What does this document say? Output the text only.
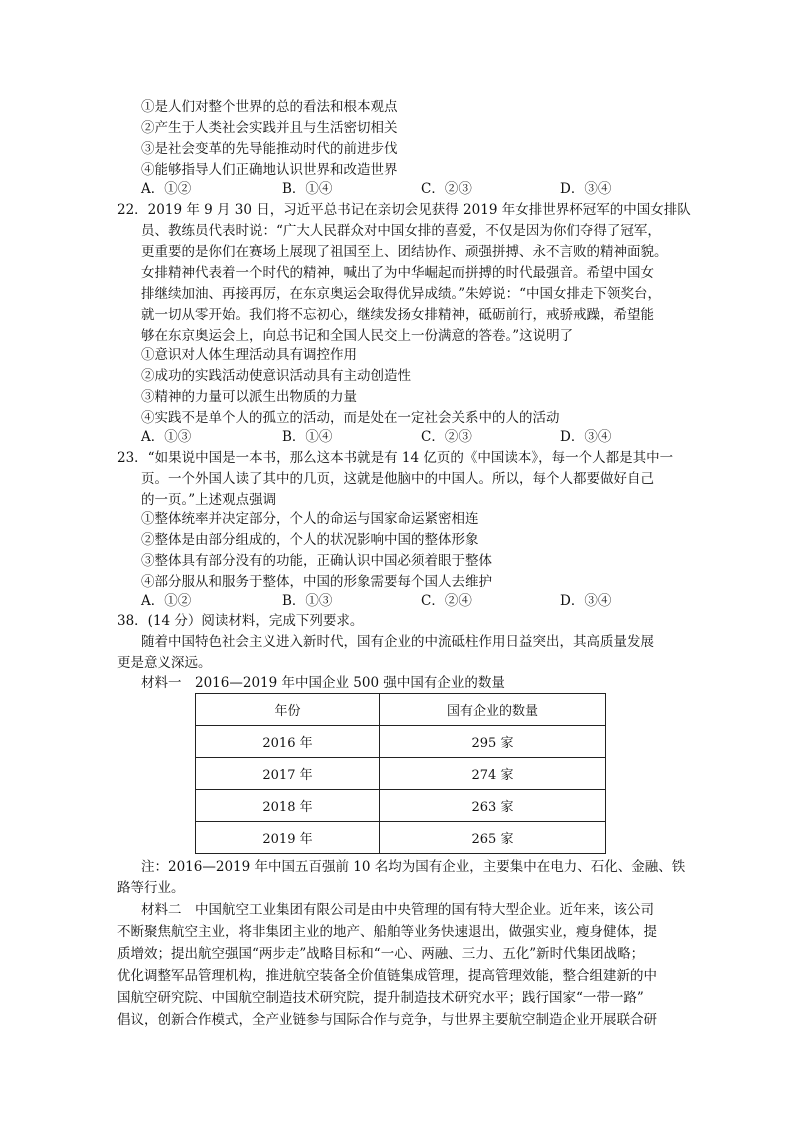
①是人们对整个世界的总的看法和根本观点
②产生于人类社会实践并且与生活密切相关
③是社会变革的先导能推动时代的前进步伐
④能够指导人们正确地认识世界和改造世界
A．①②	B．①④	C．②③	D．③④
22．2019 年 9 月 30 日，习近平总书记在亲切会见获得 2019 年女排世界杯冠军的中国女排队
员、教练员代表时说：“广大人民群众对中国女排的喜爱，不仅是因为你们夺得了冠军，
更重要的是你们在赛场上展现了祖国至上、团结协作、顽强拼搏、永不言败的精神面貌。
女排精神代表着一个时代的精神，喊出了为中华崛起而拼搏的时代最强音。希望中国女
排继续加油、再接再厉，在东京奥运会取得优异成绩。”朱婷说：“中国女排走下领奖台，
就一切从零开始。我们将不忘初心，继续发扬女排精神，砥砺前行，戒骄戒躁，希望能
够在东京奥运会上，向总书记和全国人民交上一份满意的答卷。”这说明了
①意识对人体生理活动具有调控作用
②成功的实践活动使意识活动具有主动创造性
③精神的力量可以派生出物质的力量
④实践不是单个人的孤立的活动，而是处在一定社会关系中的人的活动
A．①③	B．①④	C．②③	D．③④
23．“如果说中国是一本书，那么这本书就是有 14 亿页的《中国读本》，每一个人都是其中一
页。一个外国人读了其中的几页，这就是他脑中的中国人。所以，每个人都要做好自己
的一页。”上述观点强调
①整体统率并决定部分，个人的命运与国家命运紧密相连
②整体是由部分组成的，个人的状况影响中国的整体形象
③整体具有部分没有的功能，正确认识中国必须着眼于整体
④部分服从和服务于整体，中国的形象需要每个国人去维护
A．①②	B．①③	C．②④	D．③④
38．(14 分）阅读材料，完成下列要求。
随着中国特色社会主义进入新时代，国有企业的中流砥柱作用日益突出，其高质量发展
更是意义深远。
材料一　2016—2019 年中国企业 500 强中国有企业的数量
年份	国有企业的数量
2016 年	295 家
2017 年	274 家
2018 年	263 家
2019 年	265 家
注：2016—2019 年中国五百强前 10 名均为国有企业，主要集中在电力、石化、金融、铁
路等行业。
材料二　中国航空工业集团有限公司是由中央管理的国有特大型企业。近年来，该公司
不断聚焦航空主业，将非集团主业的地产、船舶等业务快速退出，做强实业，瘦身健体，提
质增效；提出航空强国“两步走”战略目标和“一心、两融、三力、五化”新时代集团战略；
优化调整军品管理机构，推进航空装备全价值链集成管理，提高管理效能，整合组建新的中
国航空研究院、中国航空制造技术研究院，提升制造技术研究水平；践行国家“一带一路”
倡议，创新合作模式，全产业链参与国际合作与竞争，与世界主要航空制造企业开展联合研
